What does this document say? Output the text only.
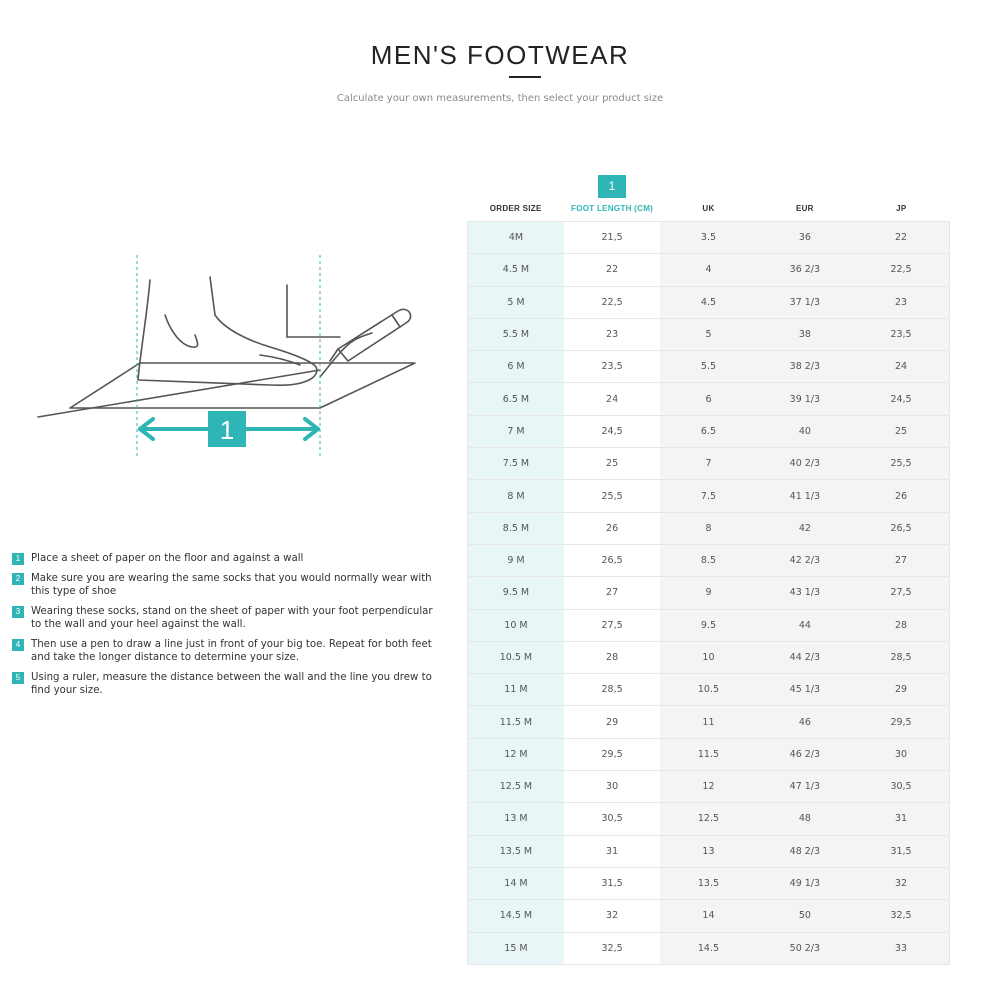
MEN'S FOOTWEAR
Calculate your own measurements, then select your product size
1
1	Place a sheet of paper on the floor and against a wall
2	Make sure you are wearing the same socks that you would normally wear with this type of shoe
3	Wearing these socks, stand on the sheet of paper with your foot perpendicular to the wall and your heel against the wall.
4	Then use a pen to draw a line just in front of your big toe. Repeat for both feet and take the longer distance to determine your size.
5	Using a ruler, measure the distance between the wall and the line you drew to find your size.
1
ORDER SIZE	FOOT LENGTH (CM)	UK	EUR	JP
4M	21,5	3.5	36	22
4.5 M	22	4	36 2/3	22,5
5 M	22,5	4.5	37 1/3	23
5.5 M	23	5	38	23,5
6 M	23,5	5.5	38 2/3	24
6.5 M	24	6	39 1/3	24,5
7 M	24,5	6.5	40	25
7.5 M	25	7	40 2/3	25,5
8 M	25,5	7.5	41 1/3	26
8.5 M	26	8	42	26,5
9 M	26,5	8.5	42 2/3	27
9.5 M	27	9	43 1/3	27,5
10 M	27,5	9.5	44	28
10.5 M	28	10	44 2/3	28,5
11 M	28,5	10.5	45 1/3	29
11.5 M	29	11	46	29,5
12 M	29,5	11.5	46 2/3	30
12.5 M	30	12	47 1/3	30,5
13 M	30,5	12.5	48	31
13.5 M	31	13	48 2/3	31,5
14 M	31,5	13.5	49 1/3	32
14.5 M	32	14	50	32,5
15 M	32,5	14.5	50 2/3	33
